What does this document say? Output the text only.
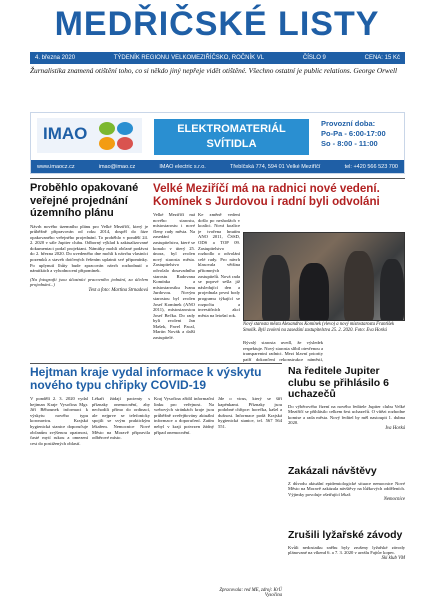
MEDŘIČSKÉ LISTY
4. března 2020	TÝDENÍK REGIONU VELKOMEZIŘÍČSKO, ROČNÍK VL	ČÍSLO 9	CENA: 15 Kč
Žurnalistika znamená otištění toho, co si někdo jiný nepřeje vidět otištěné. Všechno ostatní je public relations. George Orwell
IMAO	ELEKTROMATERIÁL SVÍTIDLA
Provozní doba:
Po-Pa - 6:00-17:00
So - 8:00 - 11:00
www.imaocz.cz	imao@imao.cz	IMAO electric s.r.o.	Třebíčská 774, 594 01 Velké Meziříčí	tel: +420 566 523 700
Proběhlo opakované veřejné projednání územního plánu

Návrh nového územního plánu pro Velké Meziříčí, který je průběžně připravován od roku 2014, dospěl do fáze opakovaného veřejného projednání. To proběhlo v pondělí 24. 2. 2020 v sále Jupiter clubu. Odborný výklad k zaktualizované dokumentaci podal projektant. Námitky mohli občané podávat do 2. března 2020. Do uvedeného dne mohli k návrhu vlastníci pozemků a staveb dotčených řešením uplatnit své připomínky. Po uplynutí lhůty bude zpracován návrh rozhodnutí o námitkách a vyhodnocení připomínek.

(Na fotografii jsou účastníci pracovního jednání, za účelem projednání...)

Text a foto: Martina Strnadová

Velké Meziříčí má na radnici nové vedení. Komínek s Jurdovou i radní byli odvoláni

Velké Meziříčí má nového starostu, místostarostu i nové členy rady města. Na zasedání zastupitelstva, které se konalo v úterý 25. února, byl zvolen nový starosta města. Zastupitelstvo odvolalo dosavadního starostu Radovana Komínka a místostarostku Ivanu Jurdovou. Novým starostou byl zvolen Josef Komínek (ANO 2011), místostarostou Josef Bečka. Do rady byli zvoleni Jan Mašek, Pavel Pacal, Martin Novák a další zastupitelé.

Ke změně vedení došlo po neshodách v koalici. Nová koalice je tvořena hnutím ANO 2011, ČSSD, ODS a TOP 09. Zastupitelstvo rozhodlo o odvolání celé rady. Pro návrh hlasovala většina přítomných zastupitelů. Nová rada se poprvé sešla již následující den a projednala první body programu týkající se rozpočtu a investičních akcí města na letošní rok.

Nový starosta města Alexandros Komínek (vlevo) a nový místostarosta František Smolík. Byli zvoleni na zasedání zastupitelstva 25. 2. 2020. Foto: Eva Horká

Bývalý starosta uvedl, že výsledek respektuje. Nový starosta slíbil otevřenou a transparentní radnici. Mezi hlavní priority patří dokončení rekonstrukce náměstí,

Hejtman kraje vydal informace k výskytu nového typu chřipky COVID-19

V pondělí 2. 3. 2020 vydal hejtman Kraje Vysočina Mgr. Jiří Běhounek informaci k výskytu nového typu koronaviru. Krajská hygienická stanice doporučuje občanům zvýšenou opatrnost, časté mytí rukou a omezení cest do postižených oblastí.

Lékaři žádají pacienty s příznaky onemocnění, aby nechodili přímo do ordinací, ale nejprve se telefonicky spojili se svým praktickým lékařem. Nemocnice Nové Město na Moravě připravila odběrové místo.

Kraj Vysočina zřídil informační linku pro veřejnost. Na webových stránkách kraje jsou průběžně zveřejňovány aktuální informace a doporučení. Zatím nebyl v kraji potvrzen žádný případ onemocnění.

Jde o virus, který se šíří kapénkami. Příznaky jsou podobné chřipce: horečka, kašel a dušnost. Informace podá Krajská hygienická stanice, tel. 567 564 551.

Zpracovala: red ME, zdroj: KrÚ Vysočina

Na ředitele Jupiter clubu se přihlásilo 6 uchazečů

Do výběrového řízení na nového ředitele Jupiter clubu Velké Meziříčí se přihlásilo celkem šest uchazečů. O vítězi rozhodne komise a rada města. Nový ředitel by měl nastoupit 1. dubna 2020.

Iva Horká

Zakázali návštěvy

Z důvodu aktuální epidemiologické situace nemocnice Nové Město na Moravě zakázala návštěvy na lůžkových odděleních. Výjimky povoluje ošetřující lékař.

Nemocnice

Zrušili lyžařské závody

Kvůli nedostatku sněhu byly zrušeny lyžařské závody plánované na víkend 6. a 7. 3. 2020 v areálu Fajtův kopec.

Ski klub VM
